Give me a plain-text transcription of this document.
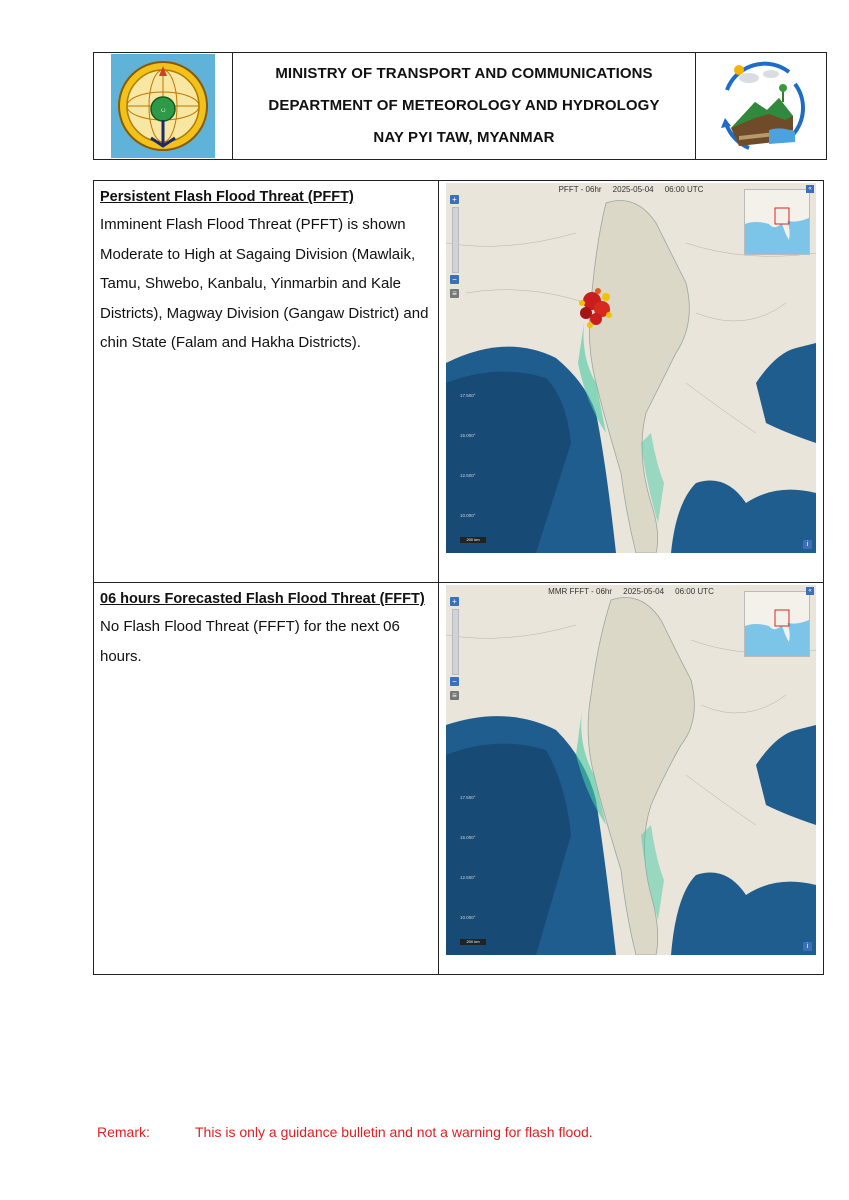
ပ
MINISTRY OF TRANSPORT AND COMMUNICATIONS
DEPARTMENT OF METEOROLOGY AND HYDROLOGY
NAY PYI TAW, MYANMAR
Persistent Flash Flood Threat (PFFT)
Imminent Flash Flood Threat (PFFT) is shown Moderate to High at Sagaing Division (Mawlaik, Tamu, Shwebo, Kanbalu, Yinmarbin and Kale Districts), Magway Division (Gangaw District) and chin State (Falam and Hakha Districts).
PFFT - 06hr     2025-05-04     06:00 UTC	«
+
−
≡
17.500°
15.000°
12.500°
10.000°
200 km
i
06 hours Forecasted Flash Flood Threat (FFFT)
No Flash Flood Threat (FFFT) for the next 06 hours.
MMR FFFT - 06hr     2025-05-04     06:00 UTC	«
+
−
≡
17.500°
15.000°
12.500°
10.000°
200 km
i
Remark:	This is only a guidance bulletin and not a warning for flash flood.
